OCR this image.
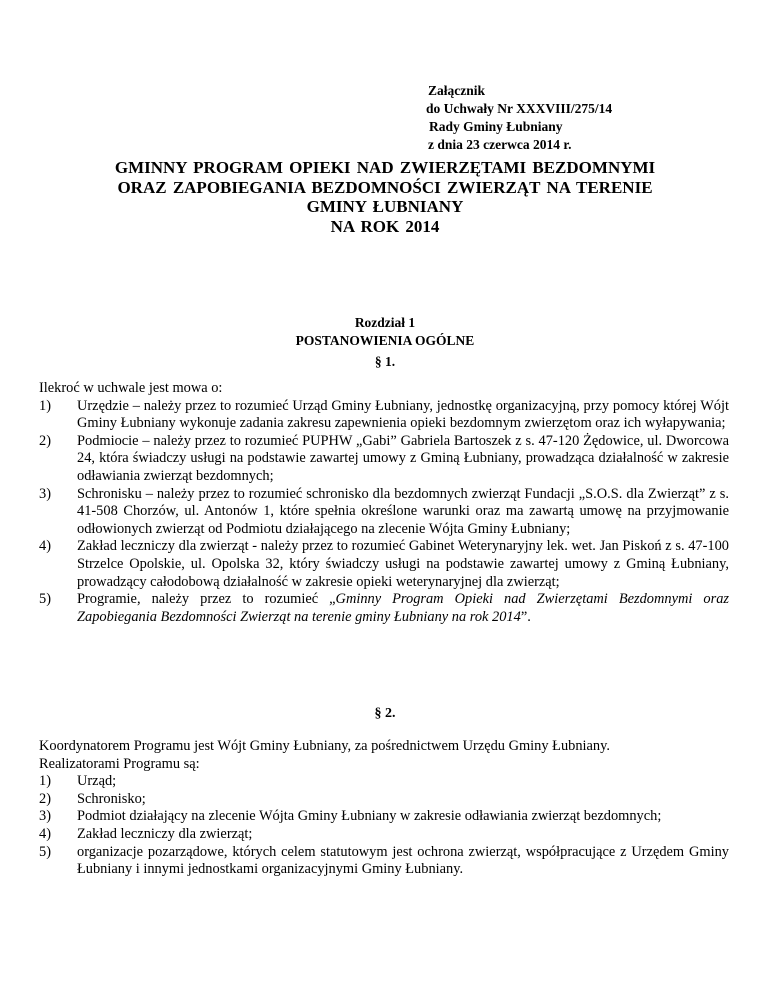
Załącznik
do Uchwały Nr XXXVIII/275/14
Rady Gminy Łubniany
z dnia 23 czerwca 2014 r.
GMINNY PROGRAM OPIEKI NAD ZWIERZĘTAMI BEZDOMNYMI
ORAZ ZAPOBIEGANIA BEZDOMNOŚCI ZWIERZĄT NA TERENIE
GMINY ŁUBNIANY
NA ROK 2014
Rozdział 1
POSTANOWIENIA OGÓLNE
§ 1.

Ilekroć w uchwale jest mowa o:

1) Urzędzie – należy przez to rozumieć Urząd Gminy Łubniany, jednostkę organizacyjną, przy pomocy której Wójt Gminy Łubniany wykonuje zadania zakresu zapewnienia opieki bezdomnym zwierzętom oraz ich wyłapywania;
2) Podmiocie – należy przez to rozumieć PUPHW „Gabi” Gabriela Bartoszek z s. 47-120 Żędowice, ul. Dworcowa 24, która świadczy usługi na podstawie zawartej umowy z Gminą Łubniany, prowadząca działalność w zakresie odławiania zwierząt bezdomnych;
3) Schronisku – należy przez to rozumieć schronisko dla bezdomnych zwierząt Fundacji „S.O.S. dla Zwierząt” z s. 41-508 Chorzów, ul. Antonów 1, które spełnia określone warunki oraz ma zawartą umowę na przyjmowanie odłowionych zwierząt od Podmiotu działającego na zlecenie Wójta Gminy Łubniany;
4) Zakład leczniczy dla zwierząt - należy przez to rozumieć Gabinet Weterynaryjny lek. wet. Jan Piskoń z s. 47-100 Strzelce Opolskie, ul. Opolska 32, który świadczy usługi na podstawie zawartej umowy z Gminą Łubniany, prowadzący całodobową działalność w zakresie opieki weterynaryjnej dla zwierząt;
5) Programie, należy przez to rozumieć „Gminny Program Opieki nad Zwierzętami Bezdomnymi oraz Zapobiegania Bezdomności Zwierząt na terenie gminy Łubniany na rok 2014”.
§ 2.

Koordynatorem Programu jest Wójt Gminy Łubniany, za pośrednictwem Urzędu Gminy Łubniany.

Realizatorami Programu są:

1) Urząd;
2) Schronisko;
3) Podmiot działający na zlecenie Wójta Gminy Łubniany w zakresie odławiania zwierząt bezdomnych;
4) Zakład leczniczy dla zwierząt;
5) organizacje pozarządowe, których celem statutowym jest ochrona zwierząt, współpracujące z Urzędem Gminy Łubniany i innymi jednostkami organizacyjnymi Gminy Łubniany.
